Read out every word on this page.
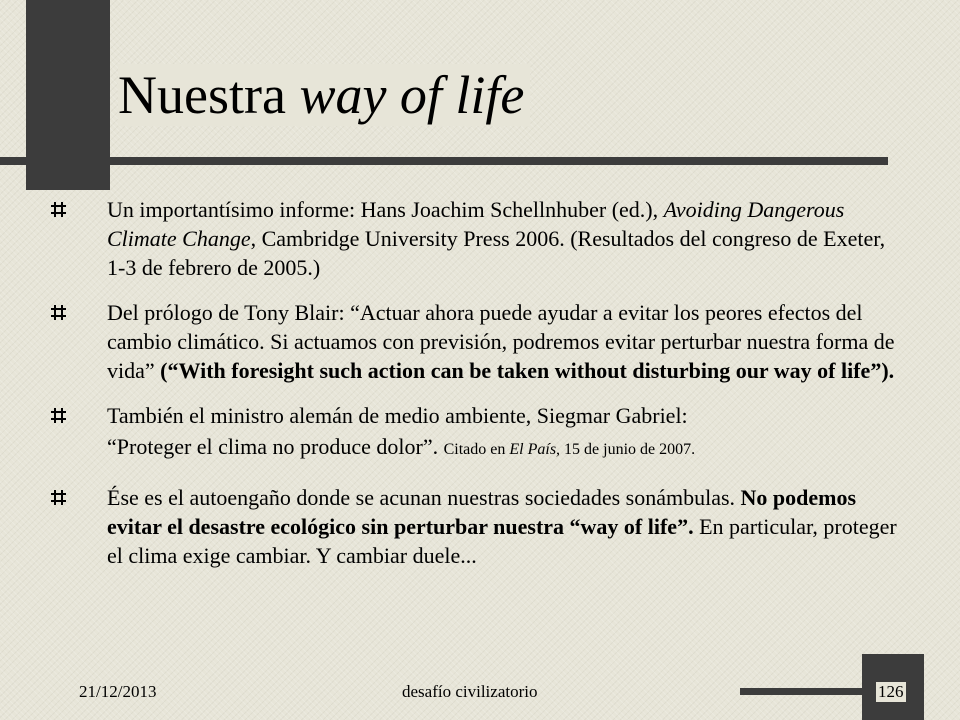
Nuestra way of life
Un importantísimo informe: Hans Joachim Schellnhuber (ed.), Avoiding Dangerous Climate Change, Cambridge University Press 2006. (Resultados del congreso de Exeter, 1-3 de febrero de 2005.)
Del prólogo de Tony Blair: “Actuar ahora puede ayudar a evitar los peores efectos del cambio climático. Si actuamos con previsión, podremos evitar perturbar nuestra forma de vida” (“With foresight such action can be taken without disturbing our way of life”).
También el ministro alemán de medio ambiente, Siegmar Gabriel:
“Proteger el clima no produce dolor”. Citado en El País, 15 de junio de 2007.
Ése es el autoengaño donde se acunan nuestras sociedades sonámbulas. No podemos evitar el desastre ecológico sin perturbar nuestra “way of life”. En particular, proteger el clima exige cambiar. Y cambiar duele...
21/12/2013	desafío civilizatorio	126
